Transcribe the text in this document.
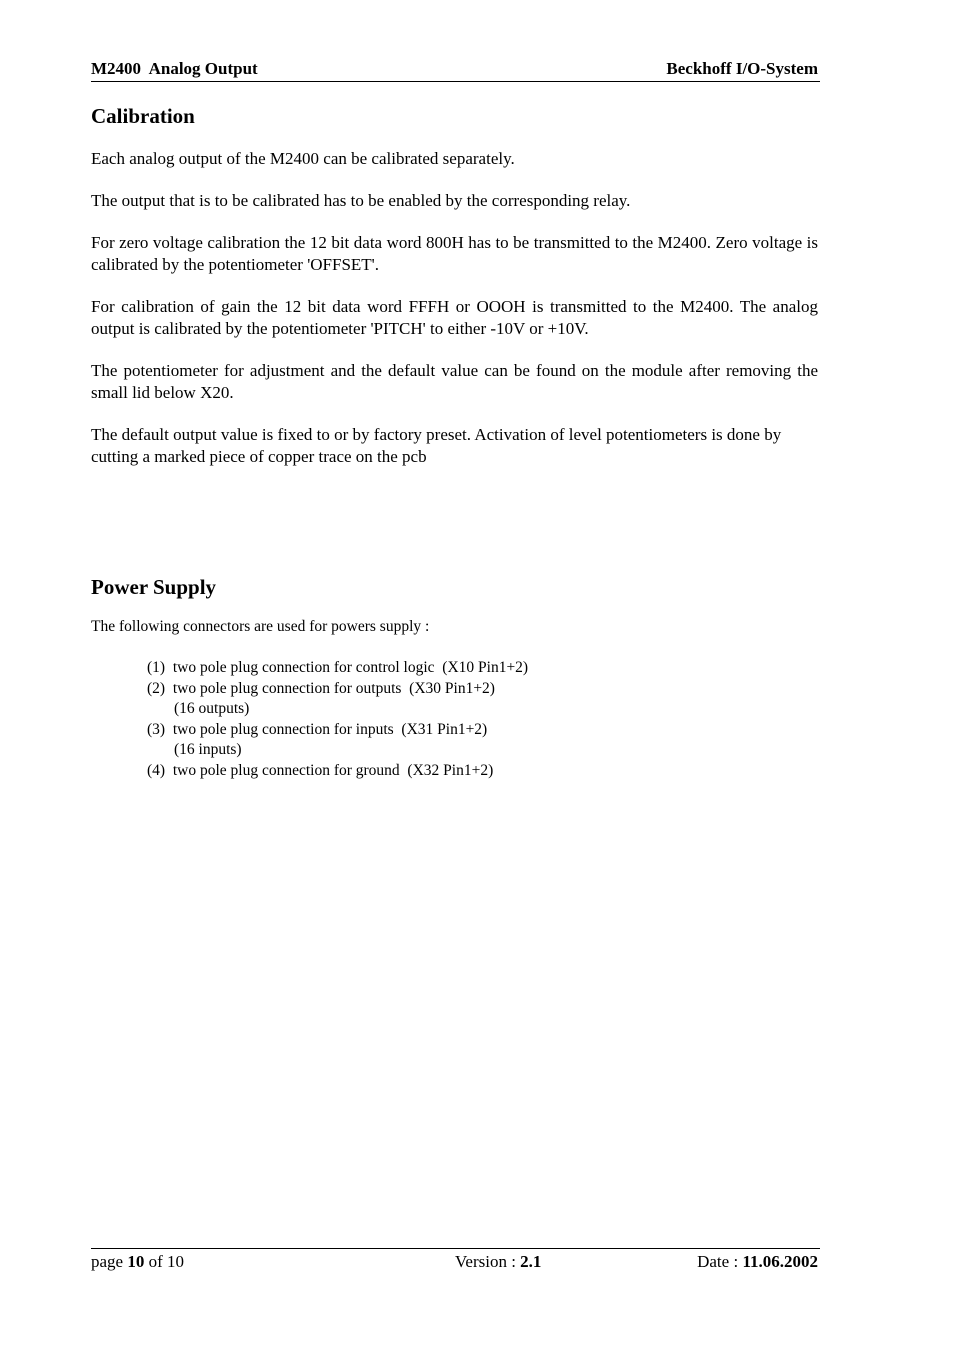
M2400  Analog Output	Beckhoff I/O-System
Calibration

Each analog output of the M2400 can be calibrated separately.

The output that is to be calibrated has to be enabled by the corresponding relay.

For zero voltage calibration the 12 bit data word 800H has to be transmitted to the M2400. Zero voltage is calibrated by the potentiometer 'OFFSET'.

For calibration of gain the 12 bit data word FFFH or OOOH is transmitted to the M2400. The analog output is calibrated by the potentiometer 'PITCH' to either -10V or +10V.

The potentiometer for adjustment and the default value can be found on the module after removing the small lid below X20.

The default output value is fixed to or by factory preset. Activation of level potentiometers is done by cutting a marked piece of copper trace on the pcb

Power Supply

The following connectors are used for powers supply :

(1)  two pole plug connection for control logic  (X10 Pin1+2)
(2)  two pole plug connection for outputs  (X30 Pin1+2)
(16 outputs)
(3)  two pole plug connection for inputs  (X31 Pin1+2)
(16 inputs)
(4)  two pole plug connection for ground  (X32 Pin1+2)
page 10 of 10	Version : 2.1	Date : 11.06.2002
